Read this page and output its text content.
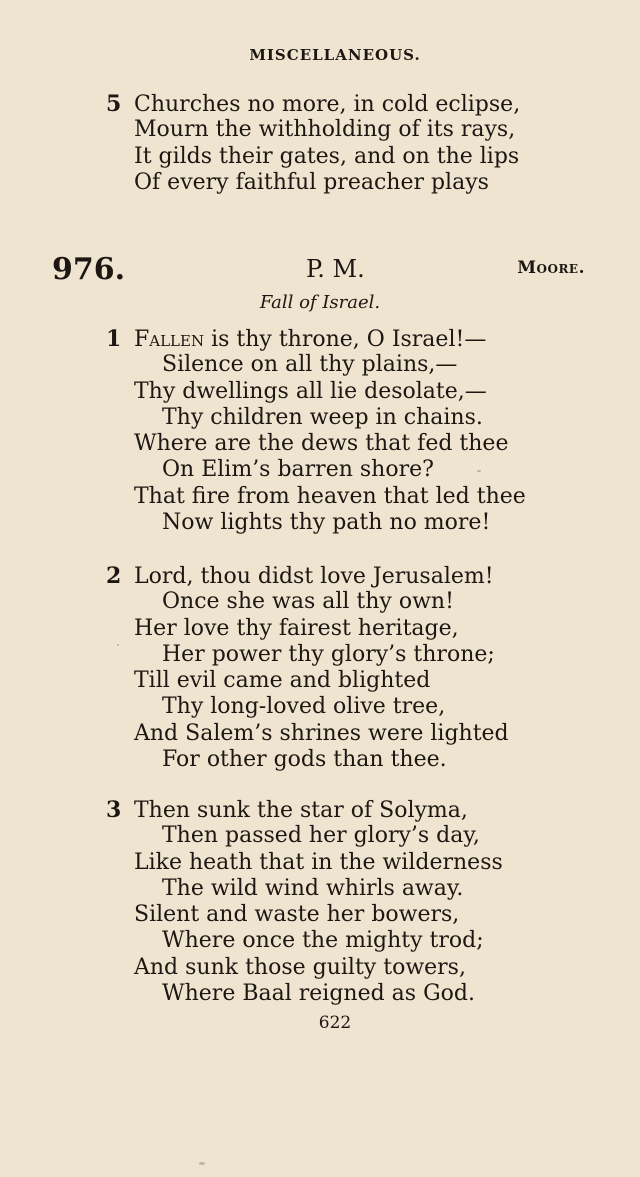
MISCELLANEOUS.
5 Churches no more, in cold eclipse,
Mourn the withholding of its rays,
It gilds their gates, and on the lips
Of every faithful preacher plays
976.	P. M.	Moore.
Fall of Israel.
1 Fallen is thy throne, O Israel!—
Silence on all thy plains,—
Thy dwellings all lie desolate,—
Thy children weep in chains.
Where are the dews that fed thee
On Elim’s barren shore?
That fire from heaven that led thee
Now lights thy path no more!
2 Lord, thou didst love Jerusalem!
Once she was all thy own!
Her love thy fairest heritage,
Her power thy glory’s throne;
Till evil came and blighted
Thy long-loved olive tree,
And Salem’s shrines were lighted
For other gods than thee.
3 Then sunk the star of Solyma,
Then passed her glory’s day,
Like heath that in the wilderness
The wild wind whirls away.
Silent and waste her bowers,
Where once the mighty trod;
And sunk those guilty towers,
Where Baal reigned as God.
622
